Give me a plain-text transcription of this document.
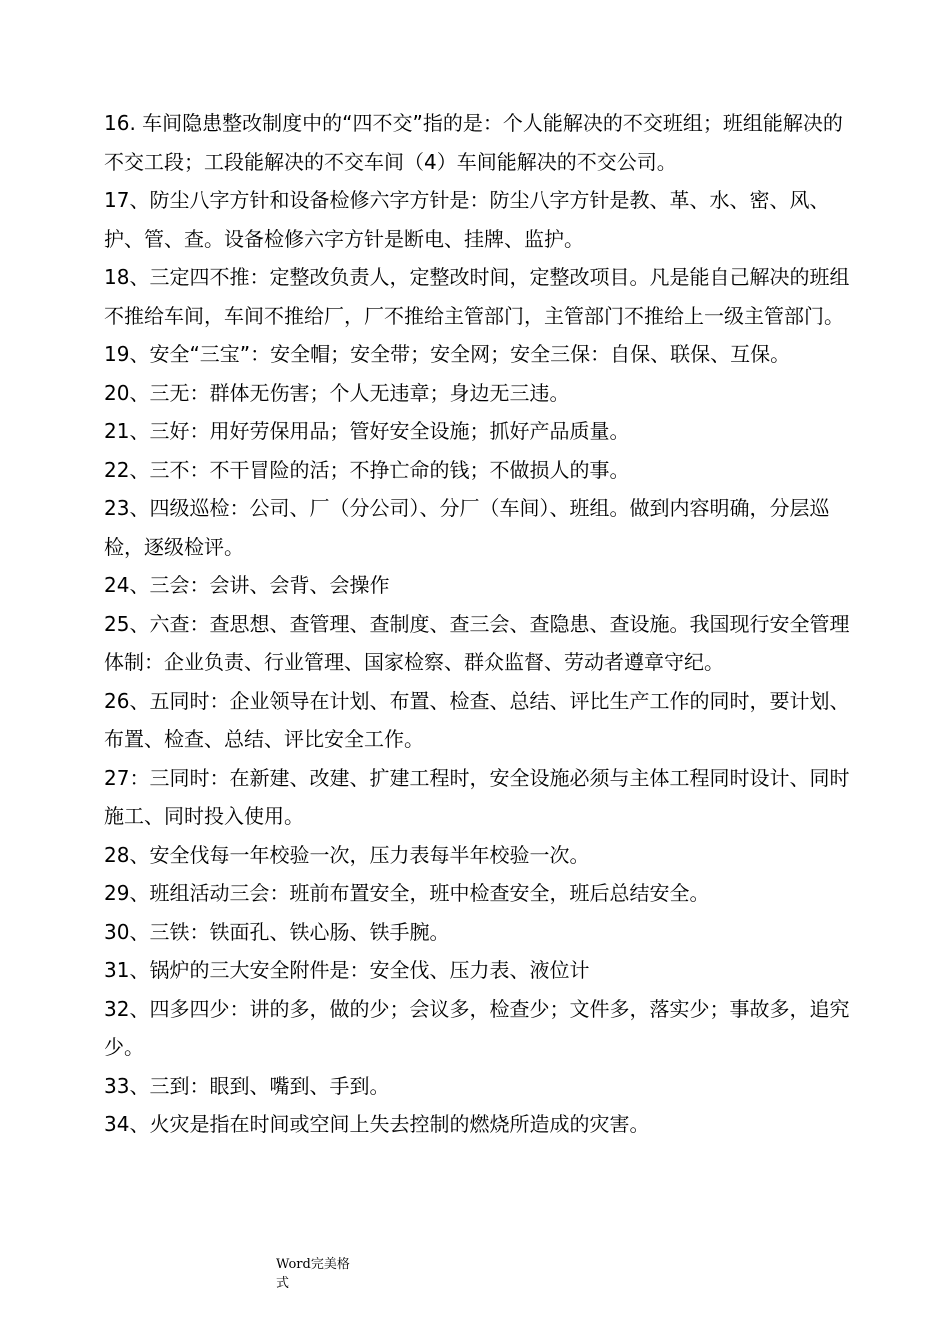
16. 车间隐患整改制度中的“四不交”指的是：个人能解决的不交班组；班组能解决的不交工段；工段能解决的不交车间（4）车间能解决的不交公司。

17、防尘八字方针和设备检修六字方针是：防尘八字方针是教、革、水、密、风、护、管、查。设备检修六字方针是断电、挂牌、监护。

18、三定四不推：定整改负责人，定整改时间，定整改项目。凡是能自己解决的班组不推给车间，车间不推给厂，厂不推给主管部门，主管部门不推给上一级主管部门。

19、安全“三宝”：安全帽；安全带；安全网；安全三保：自保、联保、互保。

20、三无：群体无伤害；个人无违章；身边无三违。

21、三好：用好劳保用品；管好安全设施；抓好产品质量。

22、三不：不干冒险的活；不挣亡命的钱；不做损人的事。

23、四级巡检：公司、厂（分公司）、分厂（车间）、班组。做到内容明确，分层巡检，逐级检评。

24、三会：会讲、会背、会操作

25、六查：查思想、查管理、查制度、查三会、查隐患、查设施。我国现行安全管理体制：企业负责、行业管理、国家检察、群众监督、劳动者遵章守纪。

26、五同时：企业领导在计划、布置、检查、总结、评比生产工作的同时，要计划、布置、检查、总结、评比安全工作。

27：三同时：在新建、改建、扩建工程时，安全设施必须与主体工程同时设计、同时施工、同时投入使用。

28、安全伐每一年校验一次，压力表每半年校验一次。

29、班组活动三会：班前布置安全，班中检查安全，班后总结安全。

30、三铁：铁面孔、铁心肠、铁手腕。

31、锅炉的三大安全附件是：安全伐、压力表、液位计

32、四多四少：讲的多，做的少；会议多，检查少；文件多，落实少；事故多，追究少。

33、三到：眼到、嘴到、手到。

34、火灾是指在时间或空间上失去控制的燃烧所造成的灾害。

Word完美格式
